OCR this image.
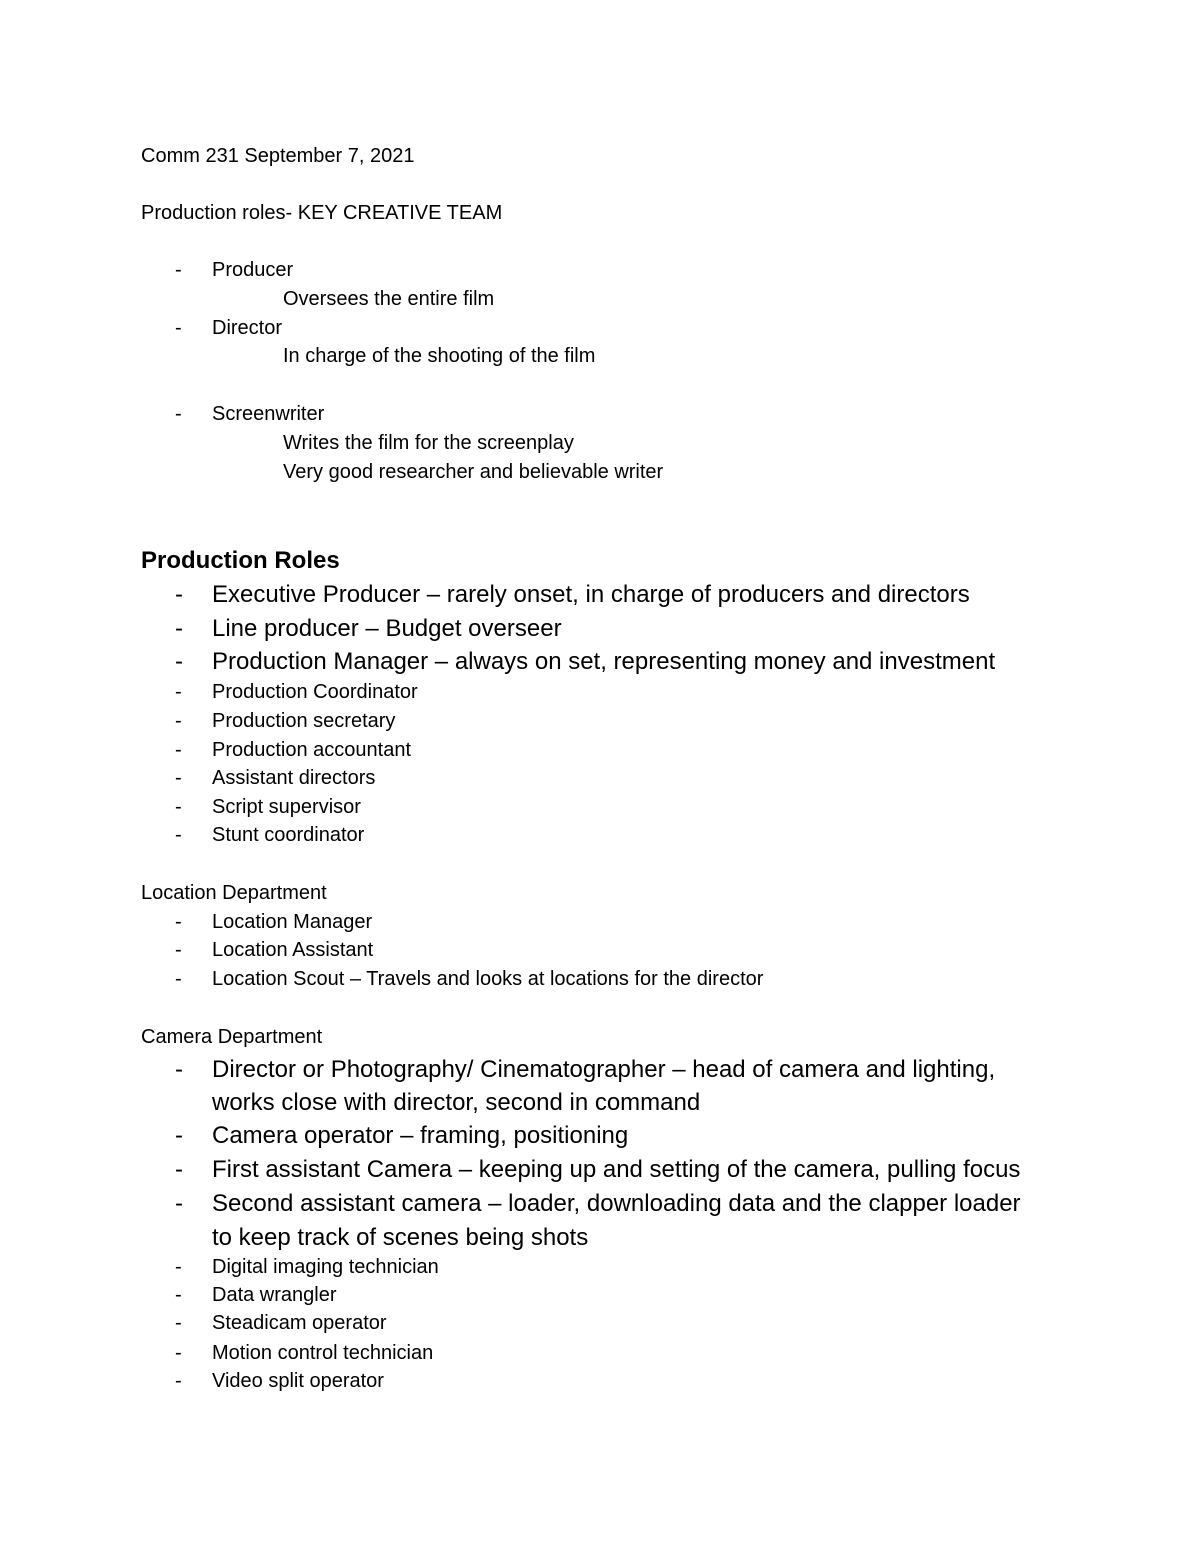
Comm 231 September 7, 2021
Production roles- KEY CREATIVE TEAM
- Producer
Oversees the entire film
- Director
In charge of the shooting of the film
- Screenwriter
Writes the film for the screenplay
Very good researcher and believable writer
Production Roles
- Executive Producer – rarely onset, in charge of producers and directors
- Line producer – Budget overseer
- Production Manager – always on set, representing money and investment
- Production Coordinator
- Production secretary
- Production accountant
- Assistant directors
- Script supervisor
- Stunt coordinator
Location Department
- Location Manager
- Location Assistant
- Location Scout – Travels and looks at locations for the director
Camera Department
- Director or Photography/ Cinematographer – head of camera and lighting,
works close with director, second in command
- Camera operator – framing, positioning
- First assistant Camera – keeping up and setting of the camera, pulling focus
- Second assistant camera – loader, downloading data and the clapper loader
to keep track of scenes being shots
- Digital imaging technician
- Data wrangler
- Steadicam operator
- Motion control technician
- Video split operator
